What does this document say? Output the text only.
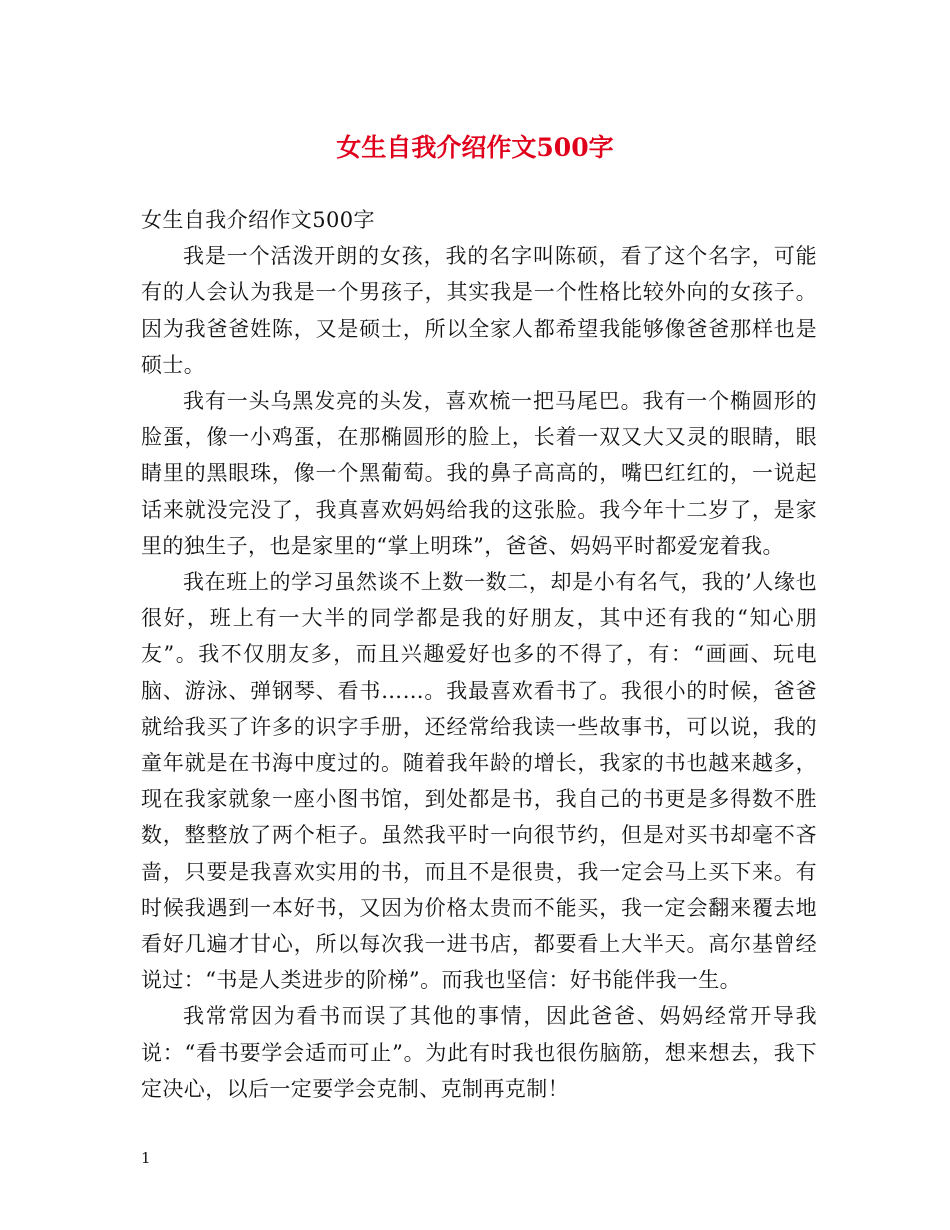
女生自我介绍作文500字

女生自我介绍作文500字

我是一个活泼开朗的女孩，我的名字叫陈硕，看了这个名字，可能有的人会认为我是一个男孩子，其实我是一个性格比较外向的女孩子。因为我爸爸姓陈，又是硕士，所以全家人都希望我能够像爸爸那样也是硕士。

我有一头乌黑发亮的头发，喜欢梳一把马尾巴。我有一个椭圆形的脸蛋，像一小鸡蛋，在那椭圆形的脸上，长着一双又大又灵的眼睛，眼睛里的黑眼珠，像一个黑葡萄。我的鼻子高高的，嘴巴红红的，一说起话来就没完没了，我真喜欢妈妈给我的这张脸。我今年十二岁了，是家里的独生子，也是家里的“掌上明珠”，爸爸、妈妈平时都爱宠着我。

我在班上的学习虽然谈不上数一数二，却是小有名气，我的’人缘也很好，班上有一大半的同学都是我的好朋友，其中还有我的“知心朋友”。我不仅朋友多，而且兴趣爱好也多的不得了，有：“画画、玩电脑、游泳、弹钢琴、看书……。我最喜欢看书了。我很小的时候，爸爸就给我买了许多的识字手册，还经常给我读一些故事书，可以说，我的童年就是在书海中度过的。随着我年龄的增长，我家的书也越来越多，现在我家就象一座小图书馆，到处都是书，我自己的书更是多得数不胜数，整整放了两个柜子。虽然我平时一向很节约，但是对买书却毫不吝啬，只要是我喜欢实用的书，而且不是很贵，我一定会马上买下来。有时候我遇到一本好书，又因为价格太贵而不能买，我一定会翻来覆去地看好几遍才甘心，所以每次我一进书店，都要看上大半天。高尔基曾经说过：“书是人类进步的阶梯”。而我也坚信：好书能伴我一生。

我常常因为看书而误了其他的事情，因此爸爸、妈妈经常开导我说：“看书要学会适而可止”。为此有时我也很伤脑筋，想来想去，我下定决心，以后一定要学会克制、克制再克制！

1
